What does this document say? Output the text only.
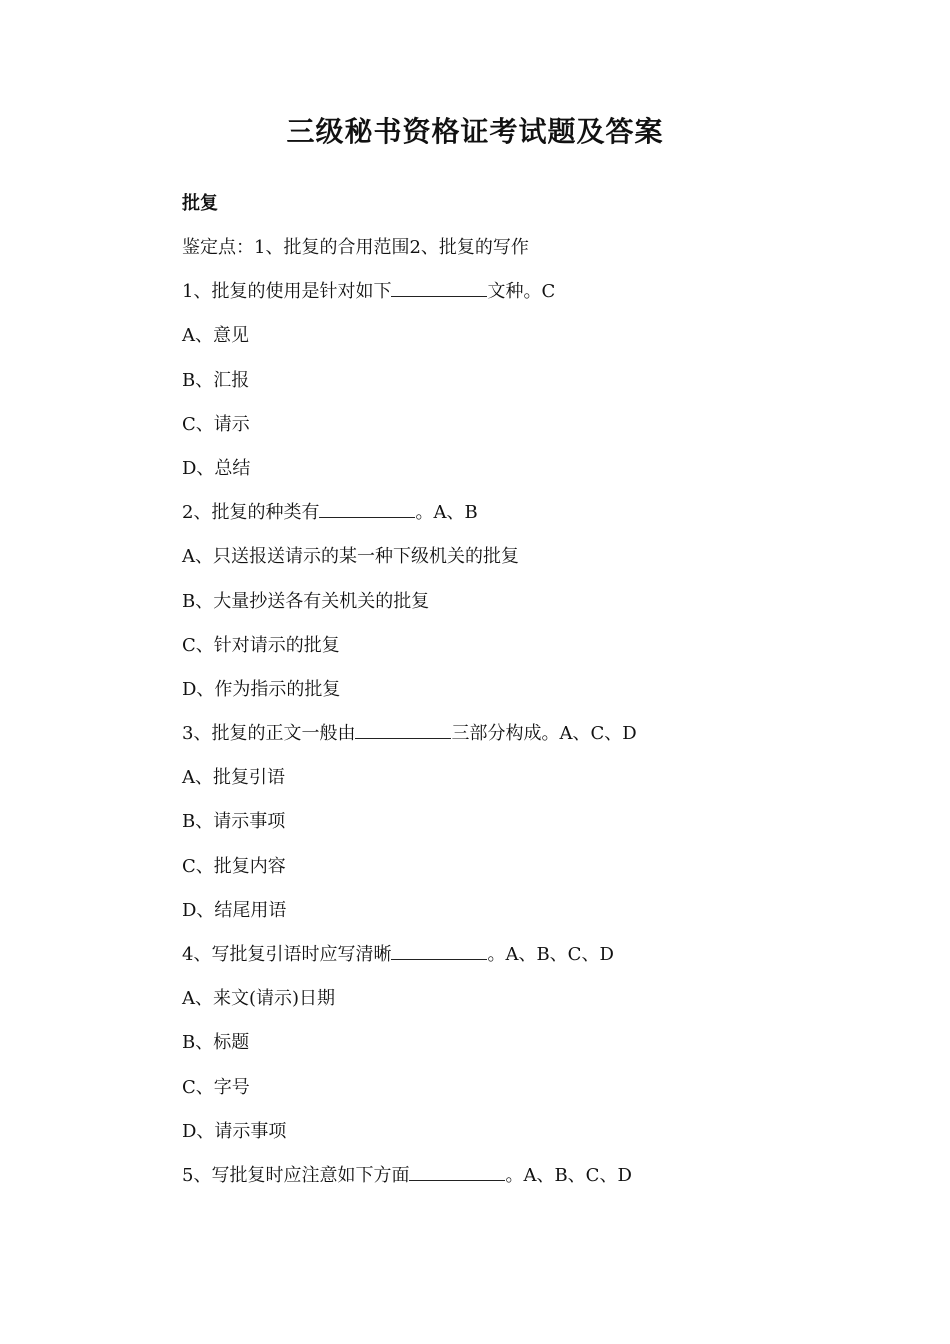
三级秘书资格证考试题及答案
批复
鉴定点：1、批复的合用范围2、批复的写作
1、批复的使用是针对如下	文种。C
A、意见
B、汇报
C、请示
D、总结
2、批复的种类有	。A、B
A、只送报送请示的某一种下级机关的批复
B、大量抄送各有关机关的批复
C、针对请示的批复
D、作为指示的批复
3、批复的正文一般由	三部分构成。A、C、D
A、批复引语
B、请示事项
C、批复内容
D、结尾用语
4、写批复引语时应写清晰	。A、B、C、D
A、来文(请示)日期
B、标题
C、字号
D、请示事项
5、写批复时应注意如下方面	。A、B、C、D
